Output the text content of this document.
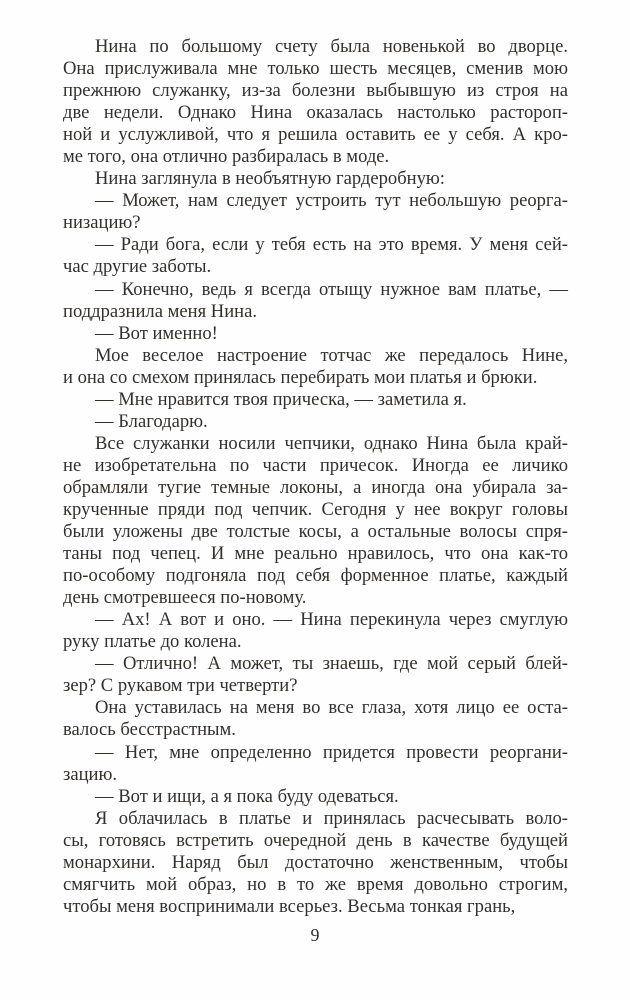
Нина по большому счету была новенькой во дворце.
Она прислуживала мне только шесть месяцев, сменив мою
прежнюю служанку, из-за болезни выбывшую из строя на
две недели. Однако Нина оказалась настолько растороп-
ной и услужливой, что я решила оставить ее у себя. А кро-
ме того, она отлично разбиралась в моде.
Нина заглянула в необъятную гардеробную:
— Может, нам следует устроить тут небольшую реорга-
низацию?
— Ради бога, если у тебя есть на это время. У меня сей-
час другие заботы.
— Конечно, ведь я всегда отыщу нужное вам платье, —
поддразнила меня Нина.
— Вот именно!
Мое веселое настроение тотчас же передалось Нине,
и она со смехом принялась перебирать мои платья и брюки.
— Мне нравится твоя прическа, — заметила я.
— Благодарю.
Все служанки носили чепчики, однако Нина была край-
не изобретательна по части причесок. Иногда ее личико
обрамляли тугие темные локоны, а иногда она убирала за-
крученные пряди под чепчик. Сегодня у нее вокруг головы
были уложены две толстые косы, а остальные волосы спря-
таны под чепец. И мне реально нравилось, что она как-то
по-особому подгоняла под себя форменное платье, каждый
день смотревшееся по-новому.
— Ах! А вот и оно. — Нина перекинула через смуглую
руку платье до колена.
— Отлично! А может, ты знаешь, где мой серый блей-
зер? С рукавом три четверти?
Она уставилась на меня во все глаза, хотя лицо ее оста-
валось бесстрастным.
— Нет, мне определенно придется провести реоргани-
зацию.
— Вот и ищи, а я пока буду одеваться.
Я облачилась в платье и принялась расчесывать воло-
сы, готовясь встретить очередной день в качестве будущей
монархини. Наряд был достаточно женственным, чтобы
смягчить мой образ, но в то же время довольно строгим,
чтобы меня воспринимали всерьез. Весьма тонкая грань,
9
